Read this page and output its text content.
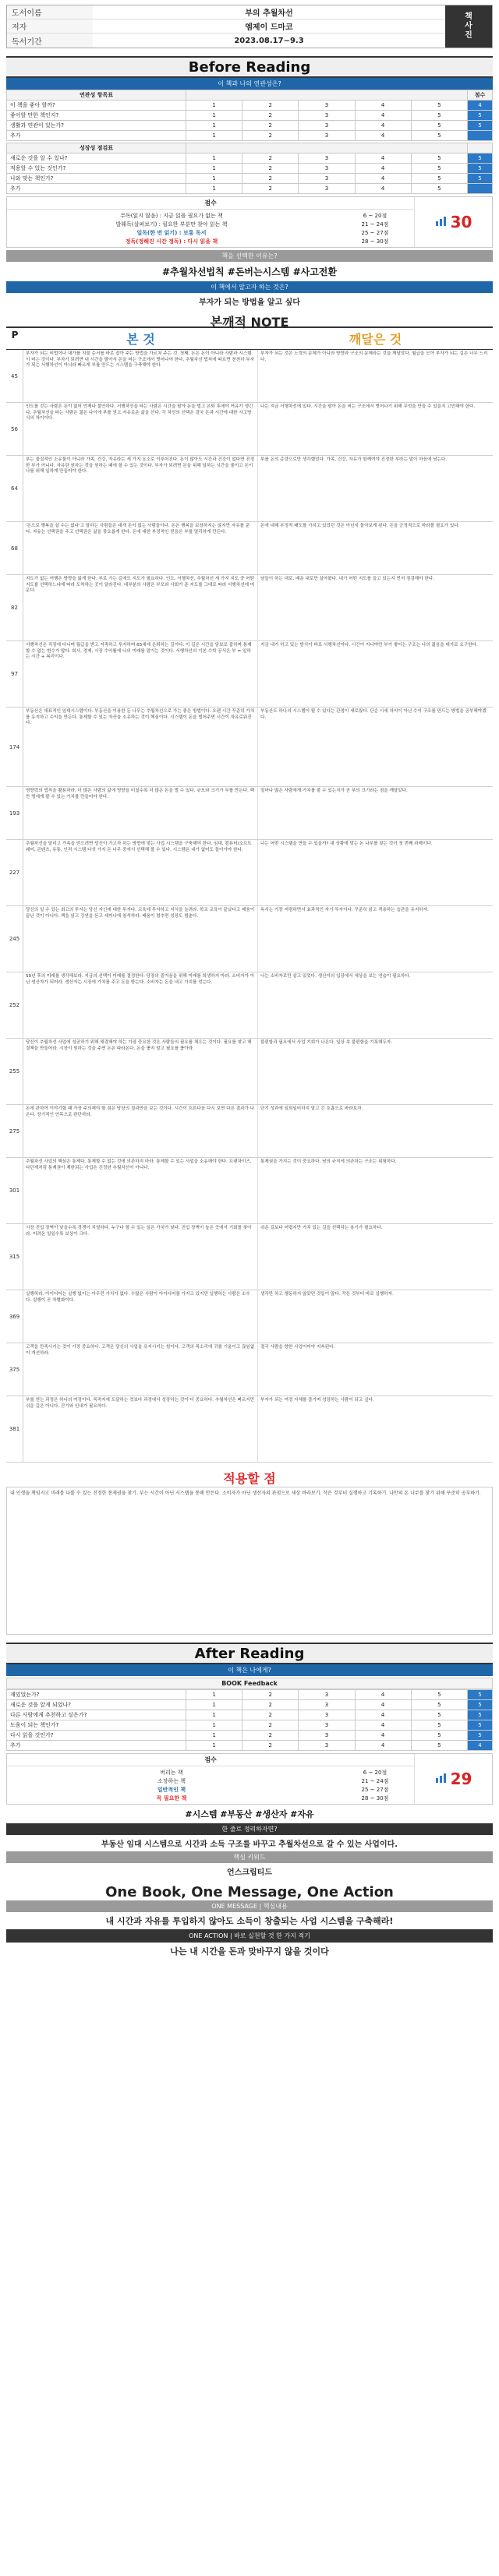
도서이름	부의 추월차선
저자	엠제이 드마코
독서기간	2023.08.17~9.3
책
사
진
Before Reading
이 책과 나의 연관성은?
연관성 항목표						점수
이 책을 좋아 할까?	1	2	3	4	5	4
좋아할 만한 책인지?	1	2	3	4	5	5
생활과 연관이 있는가?	1	2	3	4	5	5
추가	1	2	3	4	5	
성장성 점검표						
새로운 것을 알 수 있나?	1	2	3	4	5	5
적용할 수 있는 것인가?	1	2	3	4	5	5
나와 맞는 책인가?	1	2	3	4	5	5
추가	1	2	3	4	5	
점수
무독(읽지 않음) : 지금 읽을 필요가 없는 책	6 ~ 20점
발췌독(살펴보기) : 필요한 부분만 찾아 읽는 책	21 ~ 24점
일독(한 번 읽기) : 보통 독서	25 ~ 27점
정독(정해진 시간 정독) : 다시 읽을 책	28 ~ 30점
30
책을 선택한 이유는?
#추월차선법칙 #돈버는시스템 #사고전환
이 책에서 알고자 하는 것은?
부자가 되는 방법을 알고 싶다
본깨적 NOTE
P	본 것	깨달은 것
45
부자가 되는 비법이나 대가를 지불 순서를 바로 잡아 주는 방법을 가르쳐 주는 것. 첫째, 돈은 돈이 아니라 사람과 시스템이 버는 것이다. 부자가 되려면 내 시간을 팔아서 돈을 버는 구조에서 벗어나야 한다. 추월차선 법칙에 따르면 천천히 부자가 되는 서행차선이 아니라 빠르게 부를 만드는 시스템을 구축해야 한다.
부자가 되는 것은 노력의 문제가 아니라 방향과 구조의 문제라는 것을 깨달았다. 월급을 모아 부자가 되는 길은 너무 느리다.
56
인도를 걷는 사람은 돈이 없어 언제나 불안하다. 서행차선을 타는 사람은 시간을 팔아 돈을 벌고 은퇴 후에야 여유가 생긴다. 추월차선을 타는 사람은 젊은 나이에 부를 얻고 자유로운 삶을 산다. 각 차선의 선택은 결국 돈과 시간에 대한 사고방식의 차이이다.
나는 지금 서행차선에 있다. 시간을 팔아 돈을 버는 구조에서 벗어나기 위해 무엇을 만들 수 있을지 고민해야 한다.
64
부는 물질적인 소유물이 아니라 가족, 건강, 자유라는 세 가지 요소로 이루어진다. 돈이 많아도 시간과 건강이 없다면 진정한 부가 아니다. 자유란 원하는 것을 원하는 때에 할 수 있는 것이다. 부자가 되려면 돈을 위해 일하는 시간을 줄이고 돈이 나를 위해 일하게 만들어야 한다.
부를 돈의 총량으로만 생각했었다. 가족, 건강, 자유가 함께여야 진정한 부라는 말이 마음에 남는다.
68
'돈으로 행복을 살 수는 없다'고 말하는 사람들은 대개 돈이 없는 사람들이다. 돈은 행복을 보장하지는 않지만 자유를 준다. 자유는 선택권을 주고 선택권은 삶을 풍요롭게 한다. 돈에 대한 부정적인 믿음은 부를 멀리하게 만든다.
돈에 대해 부정적 태도를 가지고 있었던 것은 아닌지 돌아보게 된다. 돈을 긍정적으로 바라볼 필요가 있다.
82
지도가 없는 여행은 방향을 잃게 한다. 부로 가는 길에도 지도가 필요하다. 인도, 서행차선, 추월차선 세 가지 지도 중 어떤 지도를 선택하느냐에 따라 도착하는 곳이 달라진다. 대부분의 사람은 부모와 사회가 준 지도를 그대로 따라 서행차선에 머문다.
남들이 하는 대로, 배운 대로만 살아왔다. 내가 어떤 지도를 들고 있는지 먼저 점검해야 한다.
97
서행차선은 직장에 다니며 월급을 받고 저축하고 투자하며 65세에 은퇴하는 길이다. 이 길은 시간을 담보로 잡히며 통제할 수 없는 변수가 많다. 회사, 경제, 시장 수익률에 나의 미래를 맡기는 것이다. 서행차선의 기본 수학 공식은 부 = 일하는 시간 + 복리이다.
지금 내가 하고 있는 방식이 바로 서행차선이다. 시간이 지나야만 부가 쌓이는 구조는 나의 젊음을 대가로 요구한다.
174
부동산은 대표적인 임대시스템이다. 부동산을 이용한 돈 나무는 추월차선으로 가는 좋은 방법이다. 오랜 시간 꾸준히 가치를 유지하고 수익을 만든다. 통제할 수 있는 자산을 소유하는 것이 핵심이다. 시스템이 돈을 벌어주면 시간이 자유로워진다.
부동산도 하나의 시스템이 될 수 있다는 관점이 새로웠다. 단순 시세 차익이 아닌 수익 구조를 만드는 방법을 공부해야겠다.
193
영향력의 법칙을 활용하라. 더 많은 사람의 삶에 영향을 미칠수록 더 많은 돈을 벌 수 있다. 규모와 크기가 부를 만든다. 백만 명에게 팔 수 있는 가치를 만들어야 한다.
얼마나 많은 사람에게 가치를 줄 수 있는지가 곧 부의 크기라는 점을 깨달았다.
227
추월차선을 달리고 가속을 얻으려면 당신이 가고자 하는 방향에 맞는 사업 시스템을 구축해야 한다. 임대, 컴퓨터/소프트웨어, 콘텐츠, 유통, 인적 시스템 다섯 가지 돈 나무 중에서 선택해 볼 수 있다. 시스템은 내가 없어도 돌아가야 한다.
나는 어떤 시스템을 만들 수 있을까? 내 상황에 맞는 돈 나무를 찾는 것이 첫 번째 과제이다.
245
당신의 일 수 있는 최고의 투자는 당신 자신에 대한 투자다. 교육에 투자하고 지식을 늘려라. 학교 교육이 끝났다고 배움이 끝난 것이 아니다. 책을 읽고 강연을 듣고 세미나에 참석하라. 배움이 멈추면 성장도 멈춘다.
독서는 가장 저렴하면서 효과적인 자기 투자이다. 꾸준히 읽고 적용하는 습관을 유지하자.
252
50년 후의 미래를 생각해보라. 지금의 선택이 미래를 결정한다. 당장의 즐거움을 위해 미래를 희생하지 마라. 소비자가 아닌 생산자가 되어라. 생산자는 시장에 가치를 주고 돈을 받는다. 소비자는 돈을 내고 가치를 얻는다.
나는 소비자로만 살고 있었다. 생산자의 입장에서 세상을 보는 연습이 필요하다.
255
당신이 추월차선 사업에 성공하기 위해 해결해야 하는 가장 중요한 것은 사람들의 필요를 채우는 것이다. 필요를 찾고 해결책을 만들어라. 시장이 원하는 것을 주면 돈은 따라온다. 돈을 좇지 말고 필요를 좇아라.
불편함과 필요에서 사업 기회가 나온다. 일상 속 불편함을 기록해두자.
275
돈에 관하여 이야기할 때 가장 주의해야 할 점은 당장의 결과만을 보는 것이다. 시간이 흐른다음 다시 보면 다른 결과가 나온다. 장기적인 안목으로 판단하라.
단기 성과에 일희일비하지 말고 긴 호흡으로 바라보자.
301
추월차선 사업의 핵심은 통제다. 통제할 수 없는 것에 의존하지 마라. 통제할 수 있는 사업을 소유해야 한다. 프랜차이즈, 다단계처럼 통제권이 제한되는 사업은 진정한 추월차선이 아니다.
통제권을 가지는 것이 중요하다. 남의 규칙에 의존하는 구조는 위험하다.
315
시장 진입 장벽이 낮을수록 경쟁이 치열하다. 누구나 할 수 있는 일은 가치가 낮다. 진입 장벽이 높은 곳에서 기회를 찾아라. 어려운 일일수록 보상이 크다.
쉬운 길보다 어렵지만 가치 있는 길을 선택하는 용기가 필요하다.
369
실행하라. 아이디어는 실행 없이는 아무런 가치가 없다. 수많은 사람이 아이디어를 가지고 있지만 실행하는 사람은 소수다. 실행이 곧 차별화이다.
생각만 하고 행동하지 않았던 것들이 많다. 작은 것부터 바로 실행하자.
375
고객을 만족시키는 것이 가장 중요하다. 고객은 당신의 사업을 유지시키는 힘이다. 고객의 목소리에 귀를 기울이고 끊임없이 개선하라.
결국 사람을 향한 사업이어야 지속된다.
381
부를 얻는 과정은 하나의 여정이다. 목적지에 도달하는 것보다 과정에서 성장하는 것이 더 중요하다. 추월차선은 빠르지만 쉬운 길은 아니다. 끈기와 인내가 필요하다.
부자가 되는 여정 자체를 즐기며 성장하는 사람이 되고 싶다.
적용할 점
내 인생을 책임지고 미래를 다룰 수 있는 진정한 통제권을 찾기. 부는 시간이 아닌 시스템을 통해 만든다. 소비자가 아닌 생산자의 관점으로 세상 바라보기. 작은 것부터 실행하고 기록하기. 나만의 돈 나무를 찾기 위해 꾸준히 공부하기.
After Reading
이 책은 나에게?
BOOK Feedback
재밌었는가?	1	2	3	4	5	5
새로운 것을 알게 되었나?	1	2	3	4	5	5
다른 사람에게 추천하고 싶은가?	1	2	3	4	5	5
도움이 되는 책인가?	1	2	3	4	5	5
다시 읽을 것인가?	1	2	3	4	5	5
추가	1	2	3	4	5	4
점수
버리는 책	6 ~ 20점
소장하는 책	21 ~ 24점
일반적인 책	25 ~ 27점
꼭 필요한 책	28 ~ 30점
29
#시스템 #부동산 #생산자 #자유
한 줄로 정리하자면?
부동산 임대 시스템으로 시간과 소득 구조를 바꾸고 추월차선으로 갈 수 있는 사업이다.
핵심 키워드
언스크립티드
One Book, One Message, One Action
ONE MESSAGE | 핵심내용
내 시간과 자유를 투입하지 않아도 소득이 창출되는 사업 시스템을 구축해라!
ONE ACTION | 바로 실천할 것 한 가지 적기
나는 내 시간을 돈과 맞바꾸지 않을 것이다
